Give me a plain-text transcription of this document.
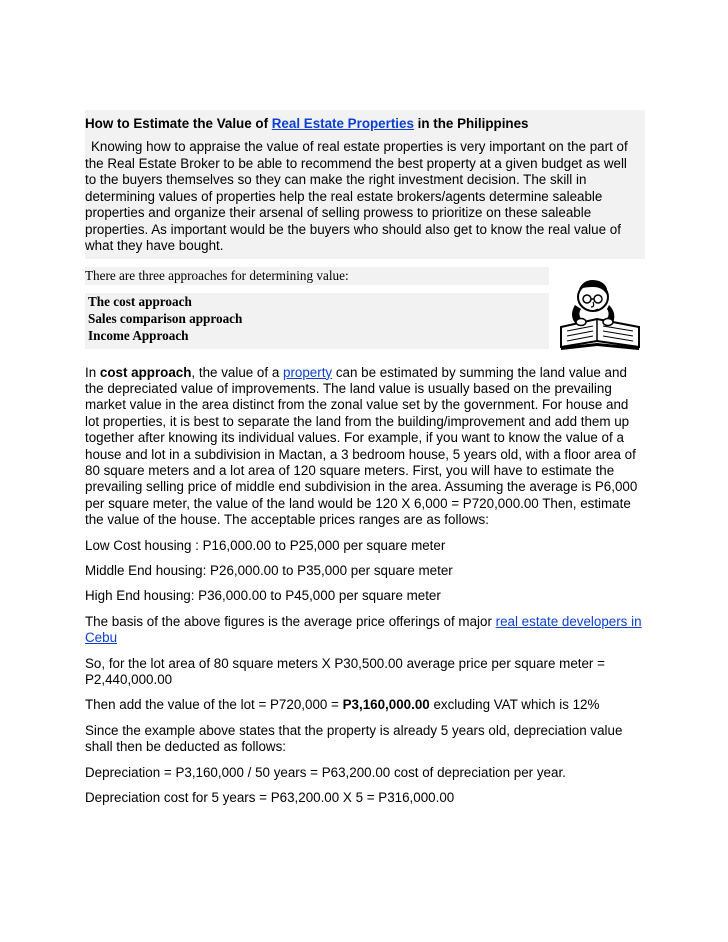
How to Estimate the Value of Real Estate Properties in the Philippines

Knowing how to appraise the value of real estate properties is very important on the part of the Real Estate Broker to be able to recommend the best property at a given budget as well to the buyers themselves so they can make the right investment decision. The skill in determining values of properties help the real estate brokers/agents determine saleable properties and organize their arsenal of selling prowess to prioritize on these saleable properties. As important would be the buyers who should also get to know the real value of what they have bought.

There are three approaches for determining value:
The cost approach
Sales comparison approach
Income Approach

In cost approach, the value of a property can be estimated by summing the land value and the depreciated value of improvements. The land value is usually based on the prevailing market value in the area distinct from the zonal value set by the government. For house and lot properties, it is best to separate the land from the building/improvement and add them up together after knowing its individual values. For example, if you want to know the value of a house and lot in a subdivision in Mactan, a 3 bedroom house, 5 years old, with a floor area of 80 square meters and a lot area of 120 square meters. First, you will have to estimate the prevailing selling price of middle end subdivision in the area. Assuming the average is P6,000 per square meter, the value of the land would be 120 X 6,000 = P720,000.00 Then, estimate the value of the house. The acceptable prices ranges are as follows:

Low Cost housing : P16,000.00 to P25,000 per square meter

Middle End housing: P26,000.00 to P35,000 per square meter

High End housing: P36,000.00 to P45,000 per square meter

The basis of the above figures is the average price offerings of major real estate developers in Cebu

So, for the lot area of 80 square meters X P30,500.00 average price per square meter = P2,440,000.00

Then add the value of the lot = P720,000 = P3,160,000.00 excluding VAT which is 12%

Since the example above states that the property is already 5 years old, depreciation value shall then be deducted as follows:

Depreciation = P3,160,000 / 50 years = P63,200.00 cost of depreciation per year.

Depreciation cost for 5 years = P63,200.00 X 5 = P316,000.00
